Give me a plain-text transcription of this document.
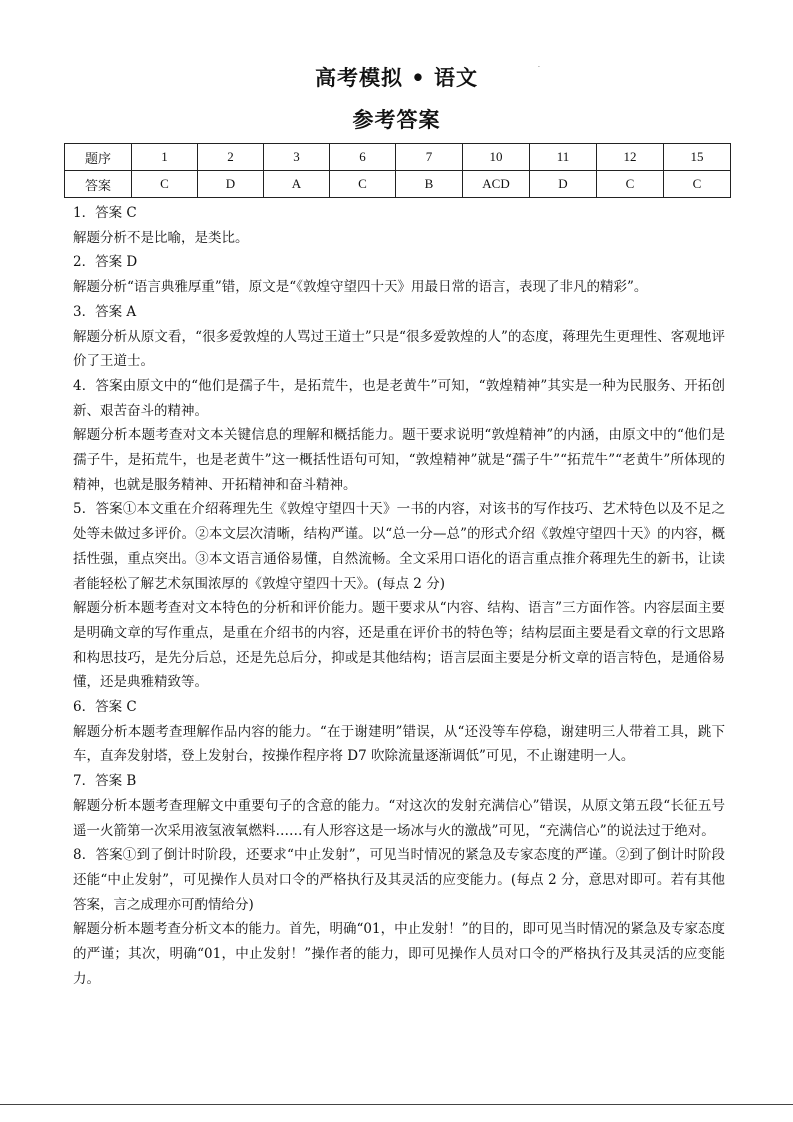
高考模拟 • 语文	.
参考答案
题序	1	2	3	6	7	10	11	12	15
答案	C	D	A	C	B	ACD	D	C	C

1．答案 C

解题分析不是比喻，是类比。

2．答案 D

解题分析“语言典雅厚重”错，原文是“《敦煌守望四十天》用最日常的语言，表现了非凡的精彩”。

3．答案 A

解题分析从原文看，“很多爱敦煌的人骂过王道士”只是“很多爱敦煌的人”的态度，蒋理先生更理性、客观地评价了王道士。

4．答案由原文中的“他们是孺子牛，是拓荒牛，也是老黄牛”可知，“敦煌精神”其实是一种为民服务、开拓创新、艰苦奋斗的精神。

解题分析本题考查对文本关键信息的理解和概括能力。题干要求说明“敦煌精神”的内涵，由原文中的“他们是孺子牛，是拓荒牛，也是老黄牛”这一概括性语句可知，“敦煌精神”就是“孺子牛”“拓荒牛”“老黄牛”所体现的精神，也就是服务精神、开拓精神和奋斗精神。

5．答案①本文重在介绍蒋理先生《敦煌守望四十天》一书的内容，对该书的写作技巧、艺术特色以及不足之处等未做过多评价。②本文层次清晰，结构严谨。以“总一分—总”的形式介绍《敦煌守望四十天》的内容，概括性强，重点突出。③本文语言通俗易懂，自然流畅。全文采用口语化的语言重点推介蒋理先生的新书，让读者能轻松了解艺术氛围浓厚的《敦煌守望四十天》。(每点 2 分)

解题分析本题考查对文本特色的分析和评价能力。题干要求从“内容、结构、语言”三方面作答。内容层面主要是明确文章的写作重点，是重在介绍书的内容，还是重在评价书的特色等；结构层面主要是看文章的行文思路和构思技巧，是先分后总，还是先总后分，抑或是其他结构；语言层面主要是分析文章的语言特色，是通俗易懂，还是典雅精致等。

6．答案 C

解题分析本题考查理解作品内容的能力。“在于谢建明”错误，从“还没等车停稳，谢建明三人带着工具，跳下车，直奔发射塔，登上发射台，按操作程序将 D7 吹除流量逐渐调低”可见，不止谢建明一人。

7．答案 B

解题分析本题考查理解文中重要句子的含意的能力。“对这次的发射充满信心”错误，从原文第五段“长征五号遥一火箭第一次采用液氢液氧燃料……有人形容这是一场冰与火的激战”可见，“充满信心”的说法过于绝对。

8．答案①到了倒计时阶段，还要求“中止发射”，可见当时情况的紧急及专家态度的严谨。②到了倒计时阶段还能“中止发射”，可见操作人员对口令的严格执行及其灵活的应变能力。(每点 2 分，意思对即可。若有其他答案，言之成理亦可酌情给分)

解题分析本题考查分析文本的能力。首先，明确“01，中止发射！”的目的，即可见当时情况的紧急及专家态度的严谨；其次，明确“01，中止发射！”操作者的能力，即可见操作人员对口令的严格执行及其灵活的应变能力。
